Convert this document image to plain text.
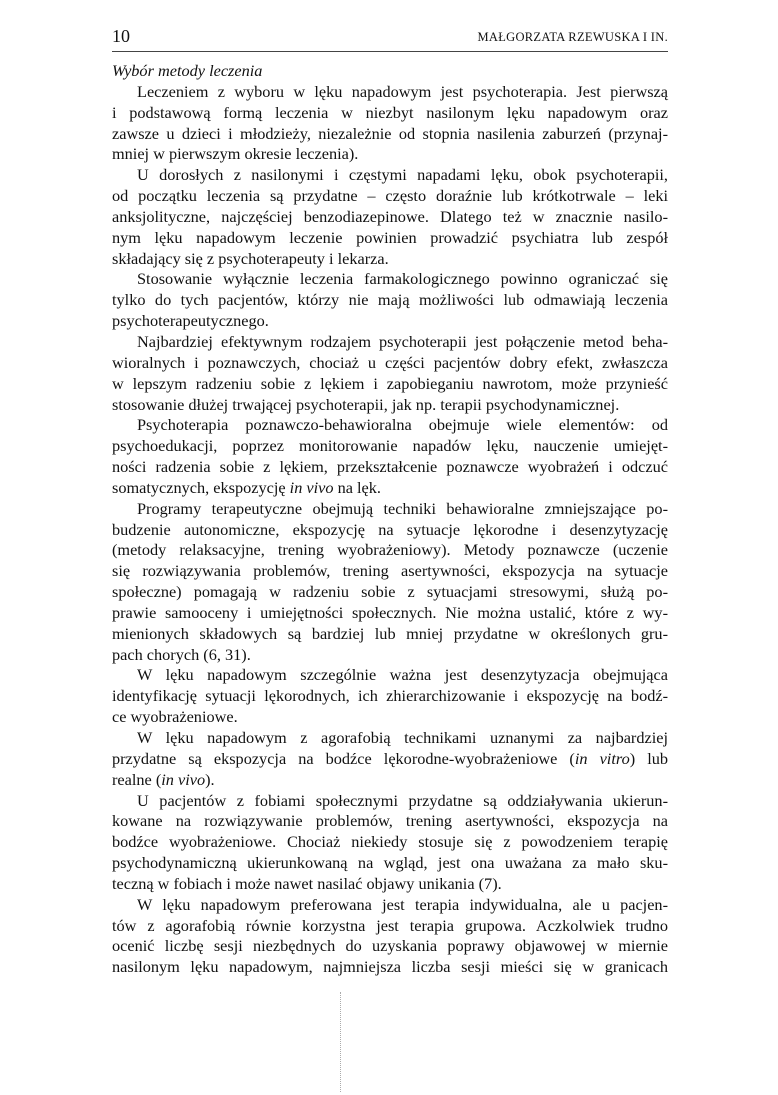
10	MAŁGORZATA RZEWUSKA I IN.
Wybór metody leczenia
Leczeniem z wyboru w lęku napadowym jest psychoterapia. Jest pierwszą
i podstawową formą leczenia w niezbyt nasilonym lęku napadowym oraz
zawsze u dzieci i młodzieży, niezależnie od stopnia nasilenia zaburzeń (przynaj-
mniej w pierwszym okresie leczenia).
U dorosłych z nasilonymi i częstymi napadami lęku, obok psychoterapii,
od początku leczenia są przydatne – często doraźnie lub krótkotrwale – leki
anksjolityczne, najczęściej benzodiazepinowe. Dlatego też w znacznie nasilo-
nym lęku napadowym leczenie powinien prowadzić psychiatra lub zespół
składający się z psychoterapeuty i lekarza.
Stosowanie wyłącznie leczenia farmakologicznego powinno ograniczać się
tylko do tych pacjentów, którzy nie mają możliwości lub odmawiają leczenia
psychoterapeutycznego.
Najbardziej efektywnym rodzajem psychoterapii jest połączenie metod beha-
wioralnych i poznawczych, chociaż u części pacjentów dobry efekt, zwłaszcza
w lepszym radzeniu sobie z lękiem i zapobieganiu nawrotom, może przynieść
stosowanie dłużej trwającej psychoterapii, jak np. terapii psychodynamicznej.
Psychoterapia poznawczo-behawioralna obejmuje wiele elementów: od
psychoedukacji, poprzez monitorowanie napadów lęku, nauczenie umiejęt-
ności radzenia sobie z lękiem, przekształcenie poznawcze wyobrażeń i odczuć
somatycznych, ekspozycję in vivo na lęk.
Programy terapeutyczne obejmują techniki behawioralne zmniejszające po-
budzenie autonomiczne, ekspozycję na sytuacje lękorodne i desenzytyzację
(metody relaksacyjne, trening wyobrażeniowy). Metody poznawcze (uczenie
się rozwiązywania problemów, trening asertywności, ekspozycja na sytuacje
społeczne) pomagają w radzeniu sobie z sytuacjami stresowymi, służą po-
prawie samooceny i umiejętności społecznych. Nie można ustalić, które z wy-
mienionych składowych są bardziej lub mniej przydatne w określonych gru-
pach chorych (6, 31).
W lęku napadowym szczególnie ważna jest desenzytyzacja obejmująca
identyfikację sytuacji lękorodnych, ich zhierarchizowanie i ekspozycję na bodź-
ce wyobrażeniowe.
W lęku napadowym z agorafobią technikami uznanymi za najbardziej
przydatne są ekspozycja na bodźce lękorodne-wyobrażeniowe (in vitro) lub
realne (in vivo).
U pacjentów z fobiami społecznymi przydatne są oddziaływania ukierun-
kowane na rozwiązywanie problemów, trening asertywności, ekspozycja na
bodźce wyobrażeniowe. Chociaż niekiedy stosuje się z powodzeniem terapię
psychodynamiczną ukierunkowaną na wgląd, jest ona uważana za mało sku-
teczną w fobiach i może nawet nasilać objawy unikania (7).
W lęku napadowym preferowana jest terapia indywidualna, ale u pacjen-
tów z agorafobią równie korzystna jest terapia grupowa. Aczkolwiek trudno
ocenić liczbę sesji niezbędnych do uzyskania poprawy objawowej w miernie
nasilonym lęku napadowym, najmniejsza liczba sesji mieści się w granicach
